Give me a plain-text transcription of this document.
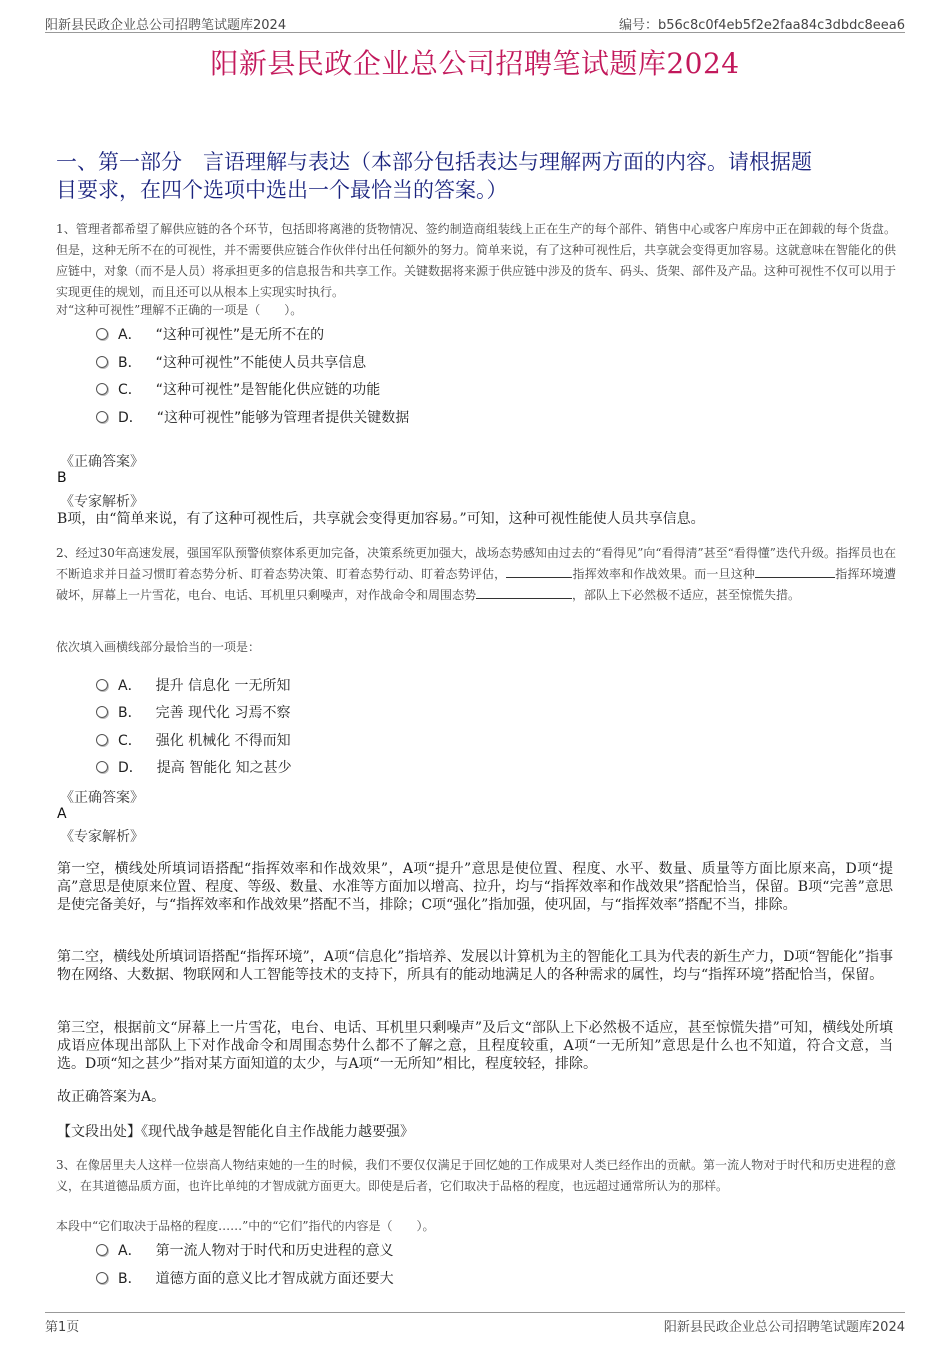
阳新县民政企业总公司招聘笔试题库2024	编号：b56c8c0f4eb5f2e2faa84c3dbdc8eea6
阳新县民政企业总公司招聘笔试题库2024
一、第一部分　言语理解与表达（本部分包括表达与理解两方面的内容。请根据题
目要求，在四个选项中选出一个最恰当的答案。）
1、管理者都希望了解供应链的各个环节，包括即将离港的货物情况、签约制造商组装线上正在生产的每个部件、销售中心或客户库房中正在卸载的每个货盘。但是，这种无所不在的可视性，并不需要供应链合作伙伴付出任何额外的努力。简单来说，有了这种可视性后，共享就会变得更加容易。这就意味在智能化的供应链中，对象（而不是人员）将承担更多的信息报告和共享工作。关键数据将来源于供应链中涉及的货车、码头、货架、部件及产品。这种可视性不仅可以用于实现更佳的规划，而且还可以从根本上实现实时执行。
对“这种可视性”理解不正确的一项是（　　）。
A． “这种可视性”是无所不在的
B． “这种可视性”不能使人员共享信息
C． “这种可视性”是智能化供应链的功能
D． “这种可视性”能够为管理者提供关键数据
《正确答案》
B
《专家解析》
B项，由“简单来说，有了这种可视性后，共享就会变得更加容易。”可知，这种可视性能使人员共享信息。
2、经过30年高速发展，强国军队预警侦察体系更加完备，决策系统更加强大，战场态势感知由过去的“看得见”向“看得清”甚至“看得懂”迭代升级。指挥员也在不断追求并日益习惯盯着态势分析、盯着态势决策、盯着态势行动、盯着态势评估，	指挥效率和作战效果。而一旦这种	指挥环境遭破坏，屏幕上一片雪花，电台、电话、耳机里只剩噪声，对作战命令和周围态势	，部队上下必然极不适应，甚至惊慌失措。
依次填入画横线部分最恰当的一项是：
A． 提升 信息化 一无所知
B． 完善 现代化 习焉不察
C． 强化 机械化 不得而知
D． 提高 智能化 知之甚少
《正确答案》
A
《专家解析》
第一空，横线处所填词语搭配“指挥效率和作战效果”，A项“提升”意思是使位置、程度、水平、数量、质量等方面比原来高，D项“提高”意思是使原来位置、程度、等级、数量、水准等方面加以增高、拉升，均与“指挥效率和作战效果”搭配恰当，保留。B项“完善”意思是使完备美好，与“指挥效率和作战效果”搭配不当，排除；C项“强化”指加强，使巩固，与“指挥效率”搭配不当，排除。
第二空，横线处所填词语搭配“指挥环境”，A项“信息化”指培养、发展以计算机为主的智能化工具为代表的新生产力，D项“智能化”指事物在网络、大数据、物联网和人工智能等技术的支持下，所具有的能动地满足人的各种需求的属性，均与“指挥环境”搭配恰当，保留。
第三空，根据前文“屏幕上一片雪花，电台、电话、耳机里只剩噪声”及后文“部队上下必然极不适应，甚至惊慌失措”可知，横线处所填成语应体现出部队上下对作战命令和周围态势什么都不了解之意，且程度较重，A项“一无所知”意思是什么也不知道，符合文意，当选。D项“知之甚少”指对某方面知道的太少，与A项“一无所知”相比，程度较轻，排除。
故正确答案为A。
【文段出处】《现代战争越是智能化自主作战能力越要强》
3、在像居里夫人这样一位崇高人物结束她的一生的时候，我们不要仅仅满足于回忆她的工作成果对人类已经作出的贡献。第一流人物对于时代和历史进程的意义，在其道德品质方面，也许比单纯的才智成就方面更大。即使是后者，它们取决于品格的程度，也远超过通常所认为的那样。
本段中“它们取决于品格的程度……”中的“它们”指代的内容是（　　）。
A． 第一流人物对于时代和历史进程的意义
B． 道德方面的意义比才智成就方面还要大
第1页	阳新县民政企业总公司招聘笔试题库2024
